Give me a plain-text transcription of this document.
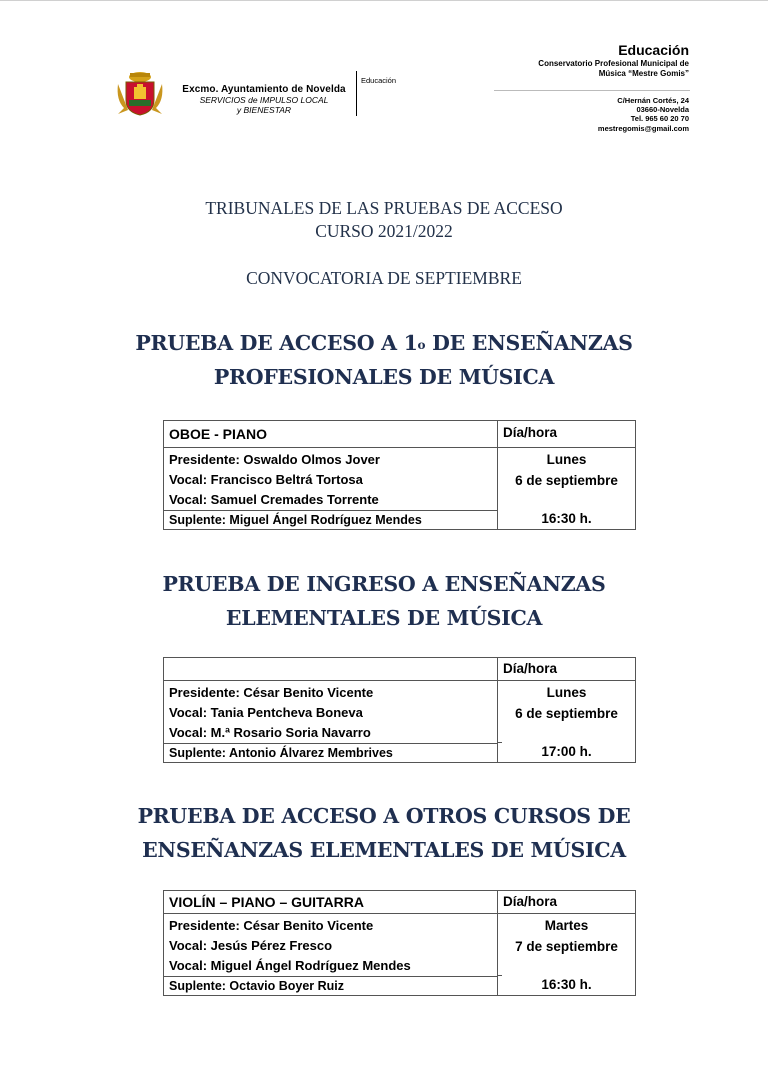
Excmo. Ayuntamiento de Novelda
SERVICIOS de IMPULSO LOCAL
y BIENESTAR
Educación
Educación
Conservatorio Profesional Municipal de
Música “Mestre Gomis”
C/Hernán Cortés, 24
03660-Novelda
Tel. 965 60 20 70
mestregomis@gmail.com
TRIBUNALES DE LAS PRUEBAS DE ACCESO
CURSO 2021/2022
CONVOCATORIA DE SEPTIEMBRE
PRUEBA DE ACCESO A 1$^o$ DE ENSEÑANZAS
PROFESIONALES DE MÚSICA
OBOE - PIANO	Día/hora
Presidente: Oswaldo Olmos Jover
Vocal: Francisco Beltrá Tortosa
Vocal: Samuel Cremades Torrente
Suplente: Miguel Ángel Rodríguez Mendes
Lunes
6 de septiembre
16:30 h.
PRUEBA DE INGRESO A ENSEÑANZAS
ELEMENTALES DE MÚSICA
Día/hora
Presidente: César Benito Vicente
Vocal: Tania Pentcheva Boneva
Vocal: M.ª Rosario Soria Navarro
Suplente: Antonio Álvarez Membrives
Lunes
6 de septiembre
17:00 h.
PRUEBA DE ACCESO A OTROS CURSOS DE
ENSEÑANZAS ELEMENTALES DE MÚSICA
VIOLÍN – PIANO – GUITARRA	Día/hora
Presidente: César Benito Vicente
Vocal: Jesús Pérez Fresco
Vocal: Miguel Ángel Rodríguez Mendes
Suplente: Octavio Boyer Ruiz
Martes
7 de septiembre
16:30 h.
